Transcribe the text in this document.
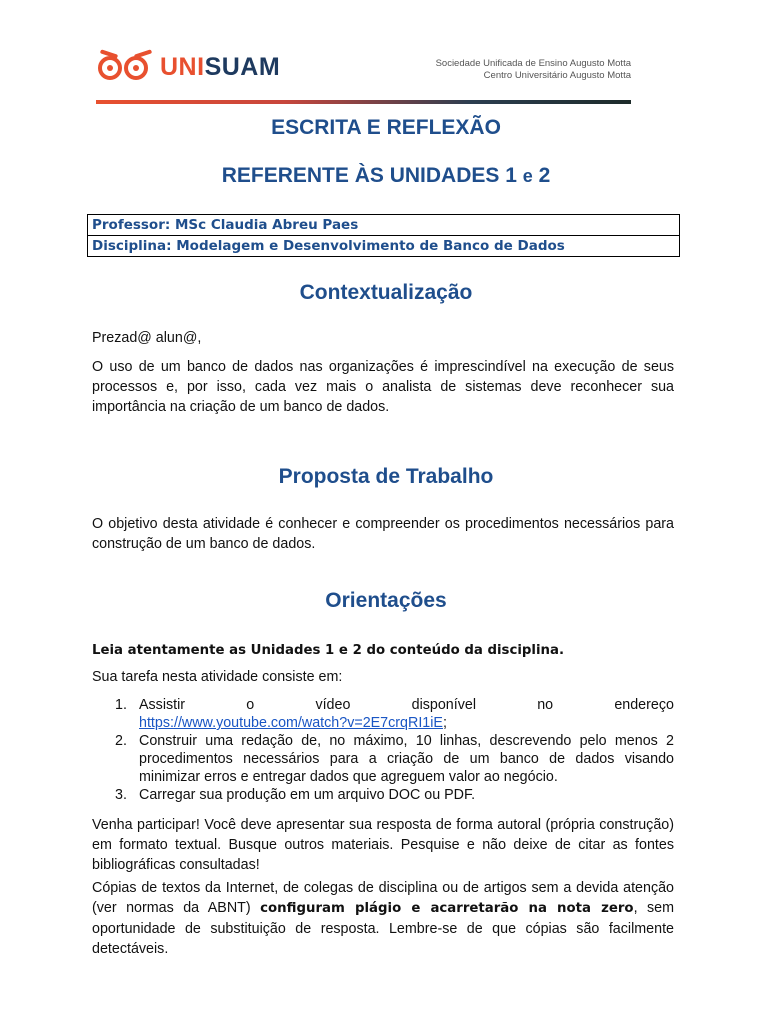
UNISUAM	Sociedade Unificada de Ensino Augusto Motta
Centro Universitário Augusto Motta
ESCRITA E REFLEXÃO
REFERENTE ÀS UNIDADES 1 e 2
Professor: MSc Claudia Abreu Paes
Disciplina: Modelagem e Desenvolvimento de Banco de Dados
Contextualização
Prezad@ alun@,
O uso de um banco de dados nas organizações é imprescindível na execução de seus processos e, por isso, cada vez mais o analista de sistemas deve reconhecer sua importância na criação de um banco de dados.
Proposta de Trabalho
O objetivo desta atividade é conhecer e compreender os procedimentos necessários para construção de um banco de dados.
Orientações
Leia atentamente as Unidades 1 e 2 do conteúdo da disciplina.
Sua tarefa nesta atividade consiste em:
1. Assistir	o	vídeo	disponível	no	endereço
https://www.youtube.com/watch?v=2E7crqRI1iE;
2. Construir uma redação de, no máximo, 10 linhas, descrevendo pelo menos 2 procedimentos necessários para a criação de um banco de dados visando minimizar erros e entregar dados que agreguem valor ao negócio.
3. Carregar sua produção em um arquivo DOC ou PDF.
Venha participar! Você deve apresentar sua resposta de forma autoral (própria construção) em formato textual. Busque outros materiais. Pesquise e não deixe de citar as fontes bibliográficas consultadas!
Cópias de textos da Internet, de colegas de disciplina ou de artigos sem a devida atenção (ver normas da ABNT) configuram plágio e acarretarão na nota zero, sem oportunidade de substituição de resposta. Lembre-se de que cópias são facilmente detectáveis.
